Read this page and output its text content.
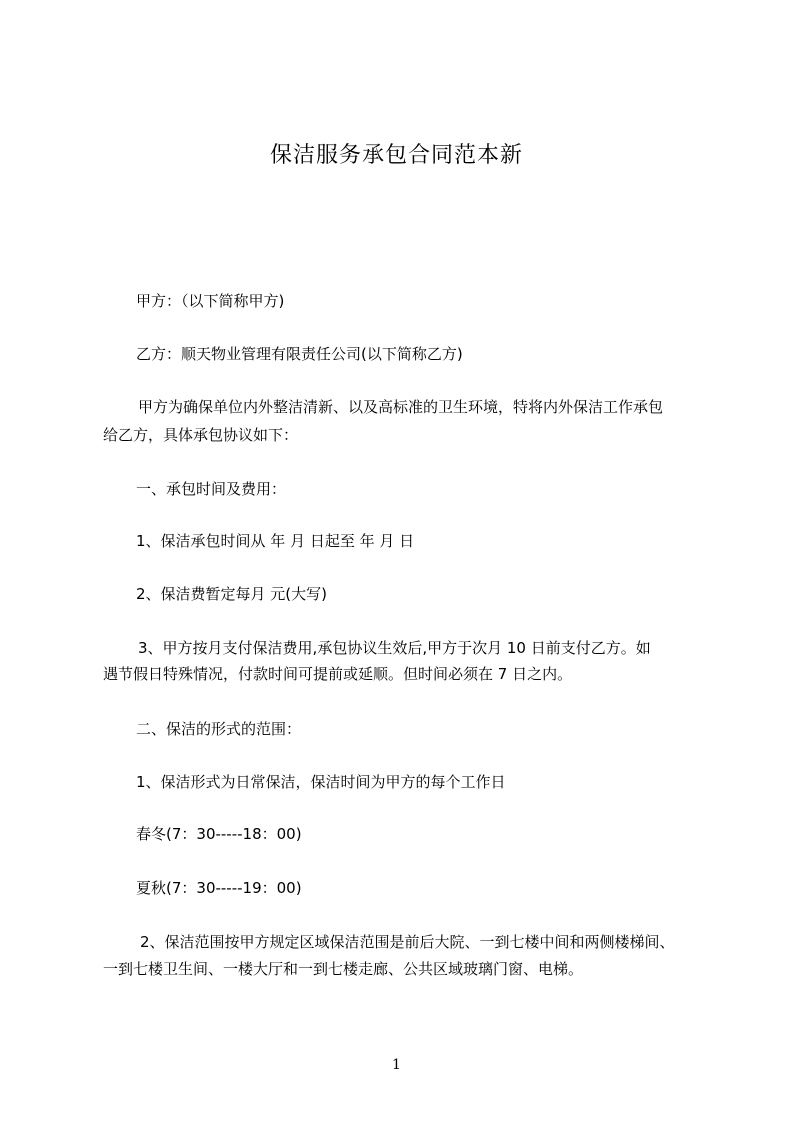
保洁服务承包合同范本新
甲方：（以下简称甲方)
乙方：顺天物业管理有限责任公司(以下简称乙方)
甲方为确保单位内外整洁清新、以及高标准的卫生环境，特将内外保洁工作承包
给乙方，具体承包协议如下：
一、承包时间及费用：
1、保洁承包时间从 年 月 日起至 年 月 日
2、保洁费暂定每月 元(大写)
3、甲方按月支付保洁费用,承包协议生效后,甲方于次月 10 日前支付乙方。如
遇节假日特殊情况，付款时间可提前或延顺。但时间必须在 7 日之内。
二、保洁的形式的范围：
1、保洁形式为日常保洁，保洁时间为甲方的每个工作日
春冬(7：30-----18：00)
夏秋(7：30-----19：00)
2、保洁范围按甲方规定区域保洁范围是前后大院、一到七楼中间和两侧楼梯间、
一到七楼卫生间、一楼大厅和一到七楼走廊、公共区域玻璃门窗、电梯。
1
